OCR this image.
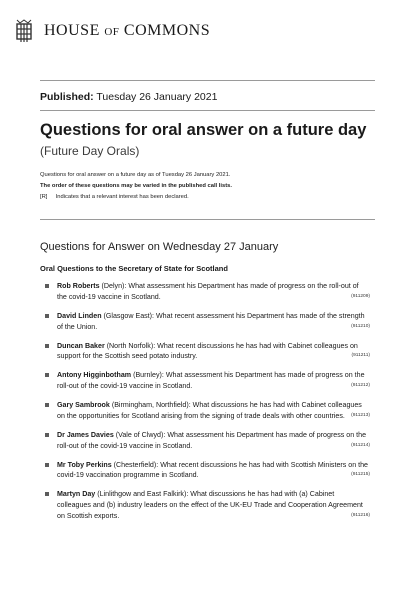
HOUSE OF COMMONS
Published: Tuesday 26 January 2021
Questions for oral answer on a future day
(Future Day Orals)
Questions for oral answer on a future day as of Tuesday 26 January 2021.
The order of these questions may be varied in the published call lists.
[R] Indicates that a relevant interest has been declared.
Questions for Answer on Wednesday 27 January
Oral Questions to the Secretary of State for Scotland
Rob Roberts (Delyn): What assessment his Department has made of progress on the roll-out of the covid-19 vaccine in Scotland.	(911209)
David Linden (Glasgow East): What recent assessment his Department has made of the strength of the Union.	(911210)
Duncan Baker (North Norfolk): What recent discussions he has had with Cabinet colleagues on support for the Scottish seed potato industry.	(911211)
Antony Higginbotham (Burnley): What assessment his Department has made of progress on the roll-out of the covid-19 vaccine in Scotland.	(911212)
Gary Sambrook (Birmingham, Northfield): What discussions he has had with Cabinet colleagues on the opportunities for Scotland arising from the signing of trade deals with other countries. (911213)
Dr James Davies (Vale of Clwyd): What assessment his Department has made of progress on the roll-out of the covid-19 vaccine in Scotland.	(911214)
Mr Toby Perkins (Chesterfield): What recent discussions he has had with Scottish Ministers on the covid-19 vaccination programme in Scotland.	(911215)
Martyn Day (Linlithgow and East Falkirk): What discussions he has had with (a) Cabinet colleagues and (b) industry leaders on the effect of the UK-EU Trade and Cooperation Agreement on Scottish exports.	(911216)
